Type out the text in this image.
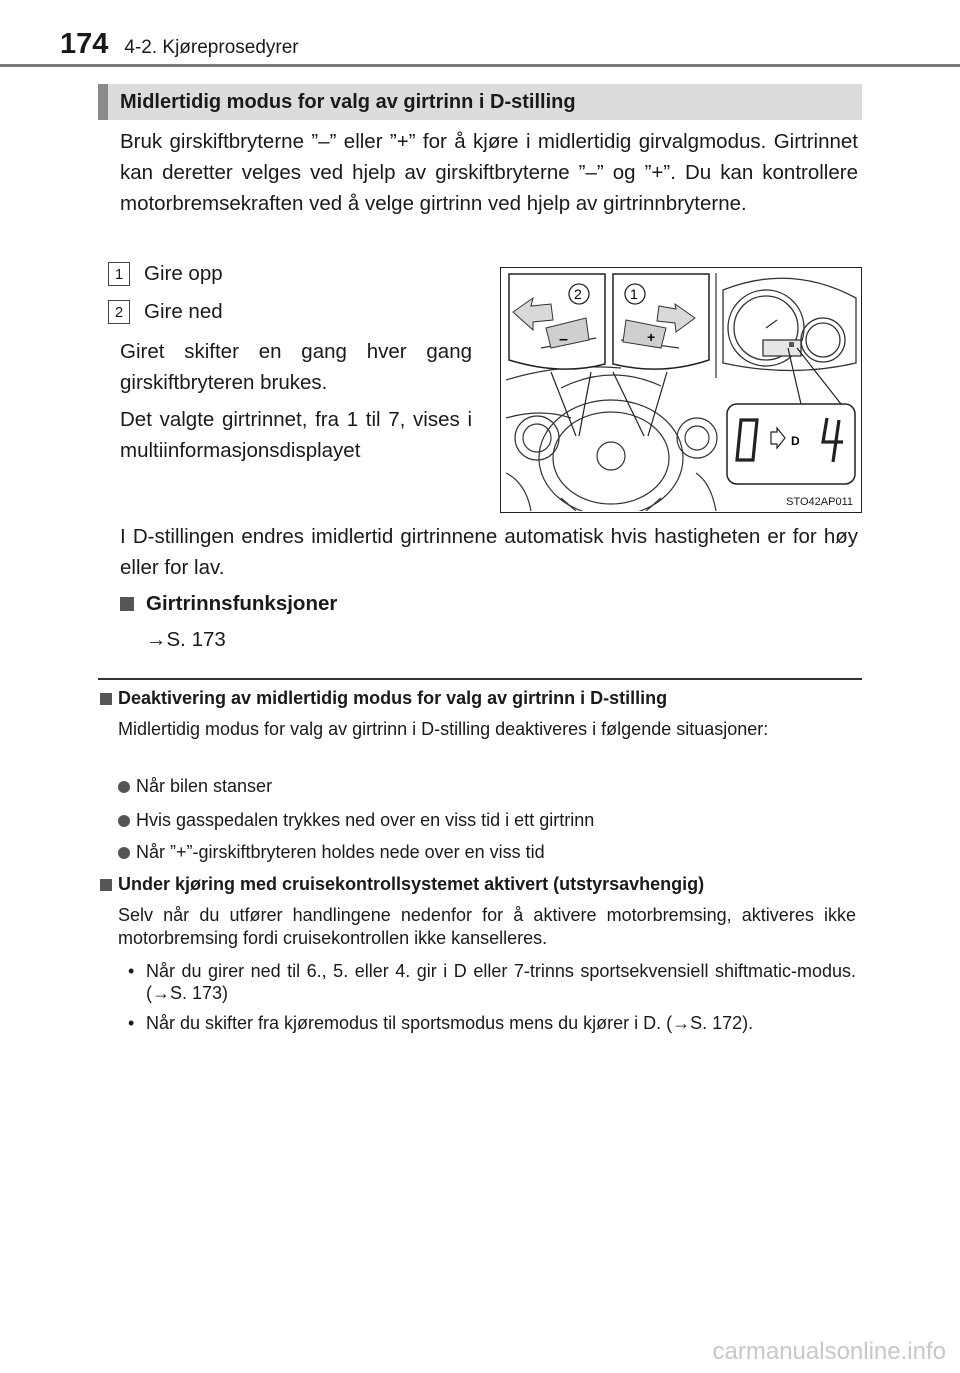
174 4-2. Kjøreprosedyrer
Midlertidig modus for valg av girtrinn i D-stilling
Bruk girskiftbryterne ”–” eller ”+” for å kjøre i midlertidig girvalgmodus. Girtrinnet kan deretter velges ved hjelp av girskiftbryterne ”–” og ”+”. Du kan kontrollere motorbremsekraften ved å velge girtrinn ved hjelp av girtrinnbryterne.
1	Gire opp
2	Gire ned
Giret skifter en gang hver gang girskiftbryteren brukes.
Det valgte girtrinnet, fra 1 til 7, vises i multiinformasjonsdisplayet
–
2
+
1
D
STO42AP011
I D-stillingen endres imidlertid girtrinnene automatisk hvis hastigheten er for høy eller for lav.
Girtrinnsfunksjoner
→S. 173
Deaktivering av midlertidig modus for valg av girtrinn i D-stilling
Midlertidig modus for valg av girtrinn i D-stilling deaktiveres i følgende situasjoner:
Når bilen stanser
Hvis gasspedalen trykkes ned over en viss tid i ett girtrinn
Når ”+”-girskiftbryteren holdes nede over en viss tid
Under kjøring med cruisekontrollsystemet aktivert (utstyrsavhengig)
Selv når du utfører handlingene nedenfor for å aktivere motorbremsing, aktiveres ikke motorbremsing fordi cruisekontrollen ikke kanselleres.
• Når du girer ned til 6., 5. eller 4. gir i D eller 7-trinns sportsekvensiell shiftmatic-modus. (→S. 173)
• Når du skifter fra kjøremodus til sportsmodus mens du kjører i D. (→S. 172).
carmanualsonline.info
